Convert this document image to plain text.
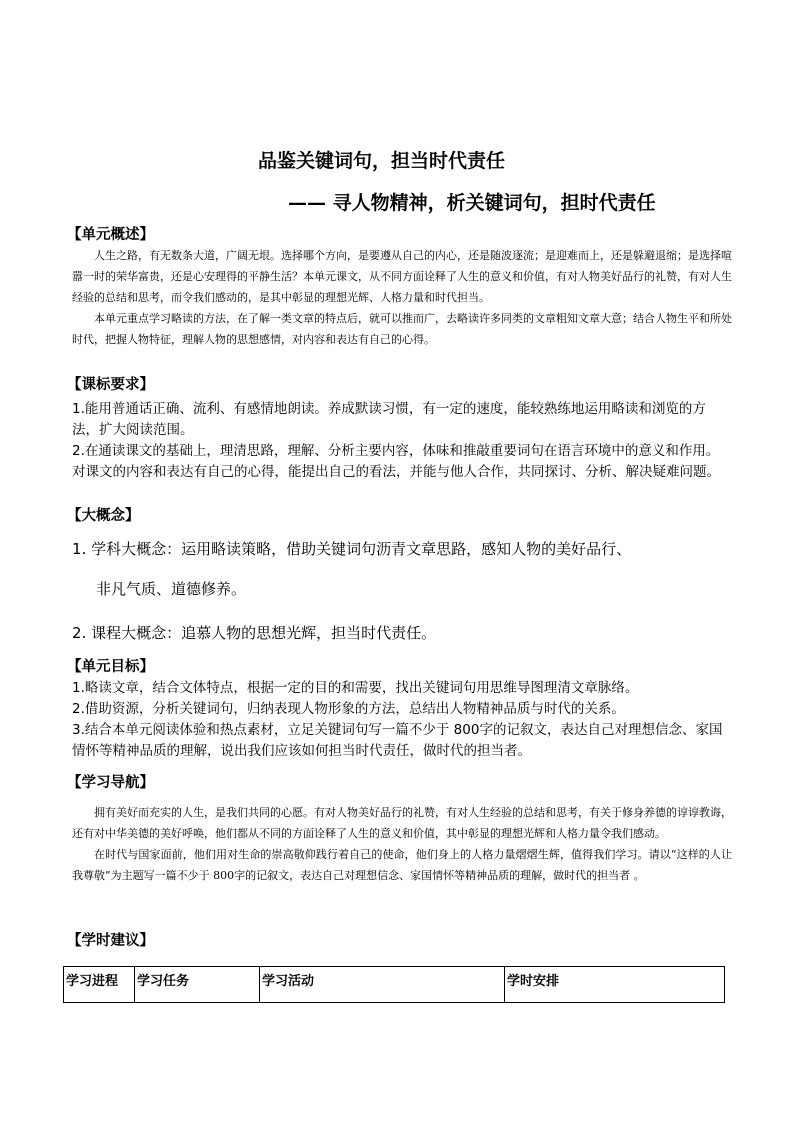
品鉴关键词句，担当时代责任
—— 寻人物精神，析关键词句，担时代责任
【单元概述】

人生之路，有无数条大道，广阔无垠。选择哪个方向，是要遵从自己的内心，还是随波逐流；是迎难而上，还是躲避退缩；是选择喧嚣一时的荣华富贵，还是心安理得的平静生活？本单元课文，从不同方面诠释了人生的意义和价值，有对人物美好品行的礼赞，有对人生经验的总结和思考，而令我们感动的，是其中彰显的理想光辉、人格力量和时代担当。

本单元重点学习略读的方法，在了解一类文章的特点后，就可以推而广，去略读许多同类的文章粗知文章大意；结合人物生平和所处时代，把握人物特征，理解人物的思想感情，对内容和表达有自己的心得。

【课标要求】

1.能用普通话正确、流利、有感情地朗读。养成默读习惯，有一定的速度，能较熟练地运用略读和浏览的方法，扩大阅读范围。

2.在通读课文的基础上，理清思路，理解、分析主要内容，体味和推敲重要词句在语言环境中的意义和作用。对课文的内容和表达有自己的心得，能提出自己的看法，并能与他人合作，共同探讨、分析、解决疑难问题。

【大概念】
1. 学科大概念：运用略读策略，借助关键词句沥青文章思路，感知人物的美好品行、
非凡气质、道德修养。
2. 课程大概念：追慕人物的思想光辉，担当时代责任。
【单元目标】

1.略读文章，结合文体特点，根据一定的目的和需要，找出关键词句用思维导图理清文章脉络。

2.借助资源，分析关键词句，归纳表现人物形象的方法，总结出人物精神品质与时代的关系。

3.结合本单元阅读体验和热点素材，立足关键词句写一篇不少于 800字的记叙文，表达自己对理想信念、家国情怀等精神品质的理解，说出我们应该如何担当时代责任，做时代的担当者。

【学习导航】

拥有美好而充实的人生，是我们共同的心愿。有对人物美好品行的礼赞，有对人生经验的总结和思考，有关于修身养德的谆谆教诲，还有对中华美德的美好呼唤，他们都从不同的方面诠释了人生的意义和价值，其中彰显的理想光辉和人格力量令我们感动。

在时代与国家面前，他们用对生命的崇高敬仰践行着自己的使命，他们身上的人格力量熠熠生辉，值得我们学习。请以“这样的人让我尊敬”为主题写一篇不少于 800字的记叙文，表达自己对理想信念、家国情怀等精神品质的理解，做时代的担当者 。

【学时建议】
学习进程	学习任务	学习活动	学时安排
